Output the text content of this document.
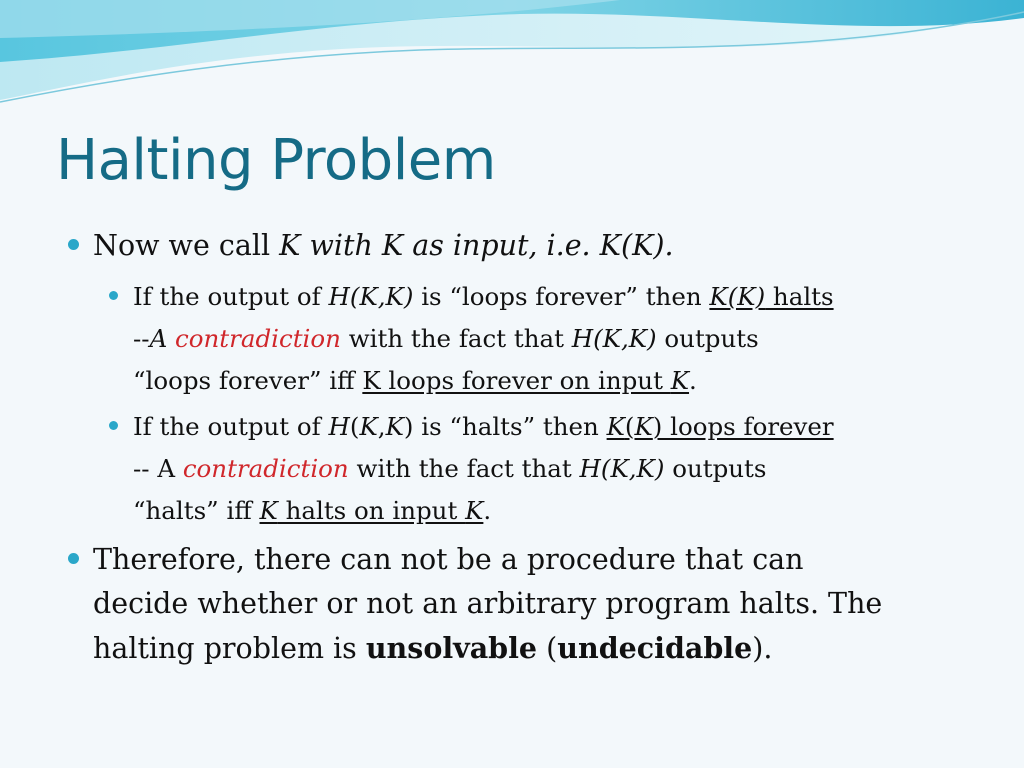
Halting Problem
Now we call K with K as input, i.e. K(K).
If the output of H(K,K) is “loops forever” then K(K) halts
--A contradiction with the fact that H(K,K) outputs
“loops forever” iff K loops forever on input K.
If the output of H(K,K) is “halts” then K(K) loops forever
-- A contradiction with the fact that H(K,K) outputs
“halts” iff K halts on input K.
Therefore, there can not be a procedure that can
decide whether or not an arbitrary program halts. The
halting problem is unsolvable (undecidable).
